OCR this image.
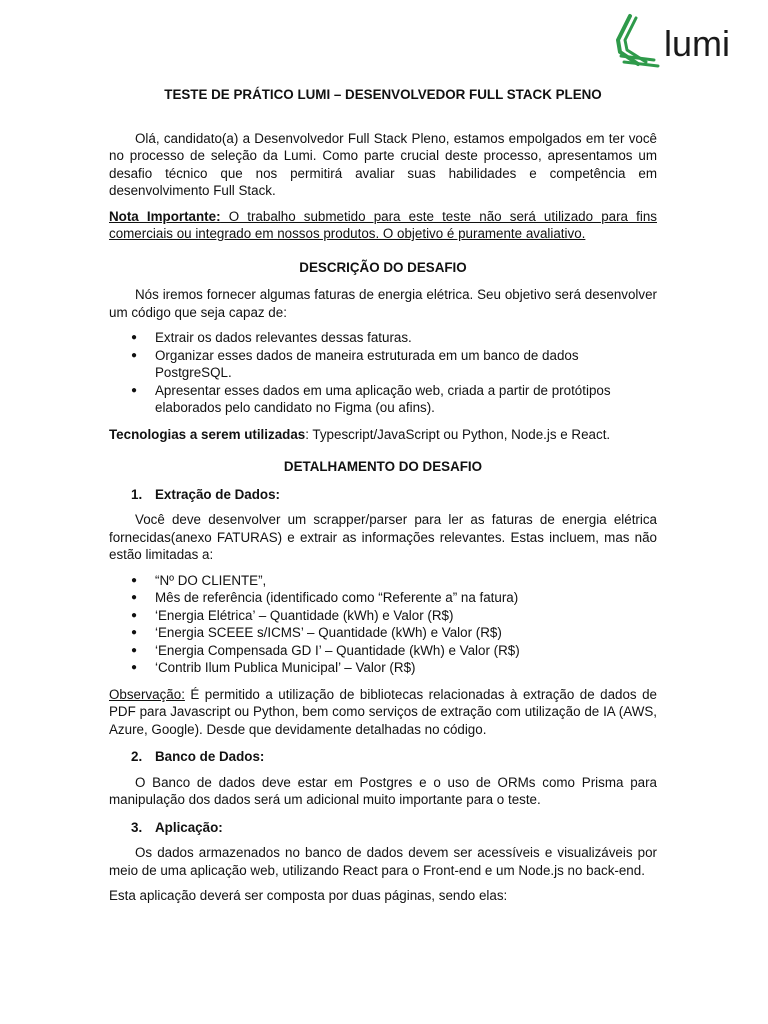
lumi
TESTE DE PRÁTICO LUMI – DESENVOLVEDOR FULL STACK PLENO

Olá, candidato(a) a Desenvolvedor Full Stack Pleno, estamos empolgados em ter você no processo de seleção da Lumi. Como parte crucial deste processo, apresentamos um desafio técnico que nos permitirá avaliar suas habilidades e competência em desenvolvimento Full Stack.

Nota Importante: O trabalho submetido para este teste não será utilizado para fins comerciais ou integrado em nossos produtos. O objetivo é puramente avaliativo.

DESCRIÇÃO DO DESAFIO

Nós iremos fornecer algumas faturas de energia elétrica. Seu objetivo será desenvolver um código que seja capaz de:

● Extrair os dados relevantes dessas faturas.
● Organizar esses dados de maneira estruturada em um banco de dados PostgreSQL.
● Apresentar esses dados em uma aplicação web, criada a partir de protótipos elaborados pelo candidato no Figma (ou afins).

Tecnologias a serem utilizadas: Typescript/JavaScript ou Python, Node.js e React.

DETALHAMENTO DO DESAFIO
1. Extração de Dados:

Você deve desenvolver um scrapper/parser para ler as faturas de energia elétrica fornecidas(anexo FATURAS) e extrair as informações relevantes. Estas incluem, mas não estão limitadas a:

● “Nº DO CLIENTE”,
● Mês de referência (identificado como “Referente a” na fatura)
● ‘Energia Elétrica’ – Quantidade (kWh) e Valor (R$)
● ‘Energia SCEEE s/ICMS’ – Quantidade (kWh) e Valor (R$)
● ‘Energia Compensada GD I’ – Quantidade (kWh) e Valor (R$)
● ‘Contrib Ilum Publica Municipal’ – Valor (R$)

Observação: É permitido a utilização de bibliotecas relacionadas à extração de dados de PDF para Javascript ou Python, bem como serviços de extração com utilização de IA (AWS, Azure, Google). Desde que devidamente detalhadas no código.

2. Banco de Dados:

O Banco de dados deve estar em Postgres e o uso de ORMs como Prisma para manipulação dos dados será um adicional muito importante para o teste.

3. Aplicação:

Os dados armazenados no banco de dados devem ser acessíveis e visualizáveis por meio de uma aplicação web, utilizando React para o Front-end e um Node.js no back-end.

Esta aplicação deverá ser composta por duas páginas, sendo elas:
